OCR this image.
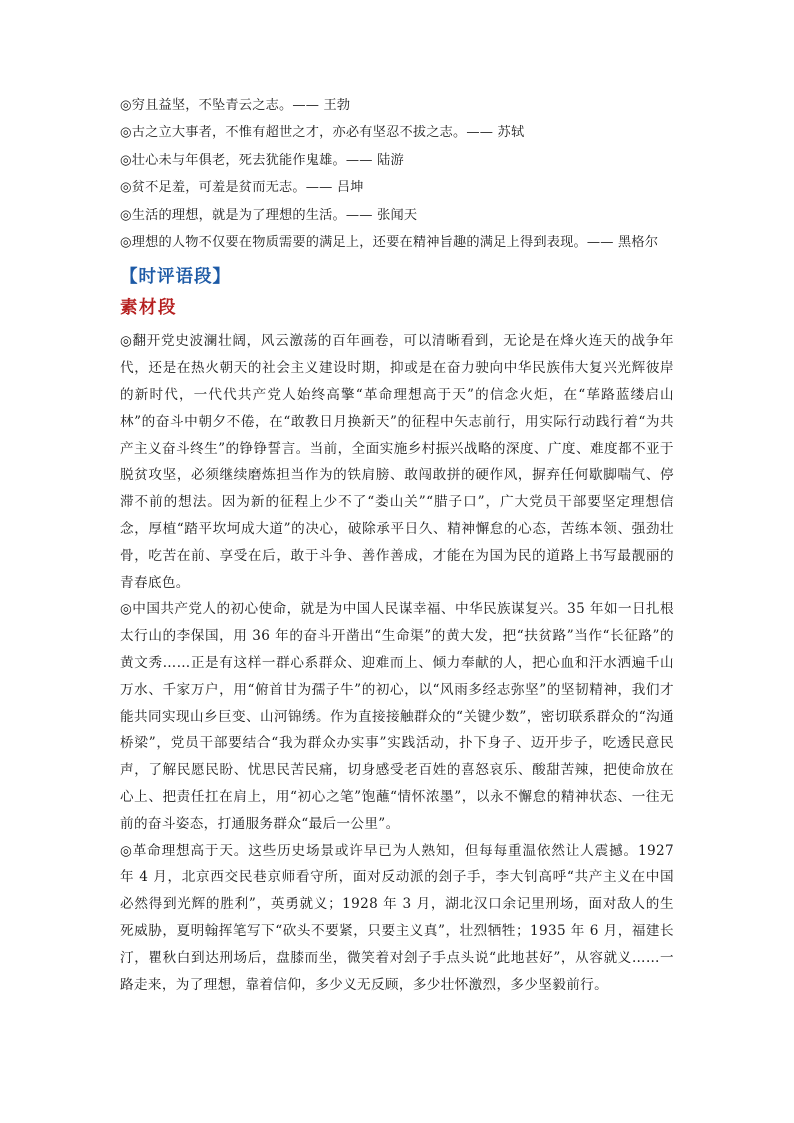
◎穷且益坚，不坠青云之志。—— 王勃

◎古之立大事者，不惟有超世之才，亦必有坚忍不拔之志。—— 苏轼

◎壮心未与年俱老，死去犹能作鬼雄。—— 陆游

◎贫不足羞，可羞是贫而无志。—— 吕坤

◎生活的理想，就是为了理想的生活。—— 张闻天

◎理想的人物不仅要在物质需要的满足上，还要在精神旨趣的满足上得到表现。—— 黑格尔

【时评语段】
素材段

◎翻开党史波澜壮阔，风云激荡的百年画卷，可以清晰看到，无论是在烽火连天的战争年代，还是在热火朝天的社会主义建设时期，抑或是在奋力驶向中华民族伟大复兴光辉彼岸的新时代，一代代共产党人始终高擎“革命理想高于天”的信念火炬，在“荜路蓝缕启山林”的奋斗中朝夕不倦，在“敢教日月换新天”的征程中矢志前行，用实际行动践行着“为共产主义奋斗终生”的铮铮誓言。当前，全面实施乡村振兴战略的深度、广度、难度都不亚于脱贫攻坚，必须继续磨炼担当作为的铁肩膀、敢闯敢拼的硬作风，摒弃任何歇脚喘气、停滞不前的想法。因为新的征程上少不了“娄山关”“腊子口”，广大党员干部要坚定理想信念，厚植“踏平坎坷成大道”的决心，破除承平日久、精神懈怠的心态，苦练本领、强劲壮骨，吃苦在前、享受在后，敢于斗争、善作善成，才能在为国为民的道路上书写最靓丽的青春底色。

◎中国共产党人的初心使命，就是为中国人民谋幸福、中华民族谋复兴。35 年如一日扎根太行山的李保国，用 36 年的奋斗开凿出“生命渠”的黄大发，把“扶贫路”当作“长征路”的黄文秀……正是有这样一群心系群众、迎难而上、倾力奉献的人，把心血和汗水洒遍千山万水、千家万户，用“俯首甘为孺子牛”的初心，以“风雨多经志弥坚”的坚韧精神，我们才能共同实现山乡巨变、山河锦绣。作为直接接触群众的“关键少数”，密切联系群众的“沟通桥梁”，党员干部要结合“我为群众办实事”实践活动，扑下身子、迈开步子，吃透民意民声，了解民愿民盼、忧思民苦民痛，切身感受老百姓的喜怒哀乐、酸甜苦辣，把使命放在心上、把责任扛在肩上，用“初心之笔”饱蘸“情怀浓墨”，以永不懈怠的精神状态、一往无前的奋斗姿态，打通服务群众“最后一公里”。

◎革命理想高于天。这些历史场景或许早已为人熟知，但每每重温依然让人震撼。1927 年 4 月，北京西交民巷京师看守所，面对反动派的刽子手，李大钊高呼“共产主义在中国必然得到光辉的胜利”，英勇就义；1928 年 3 月，湖北汉口余记里刑场，面对敌人的生死威胁，夏明翰挥笔写下“砍头不要紧，只要主义真”，壮烈牺牲；1935 年 6 月，福建长汀，瞿秋白到达刑场后，盘膝而坐，微笑着对刽子手点头说“此地甚好”，从容就义……一路走来，为了理想，靠着信仰，多少义无反顾，多少壮怀激烈，多少坚毅前行。
